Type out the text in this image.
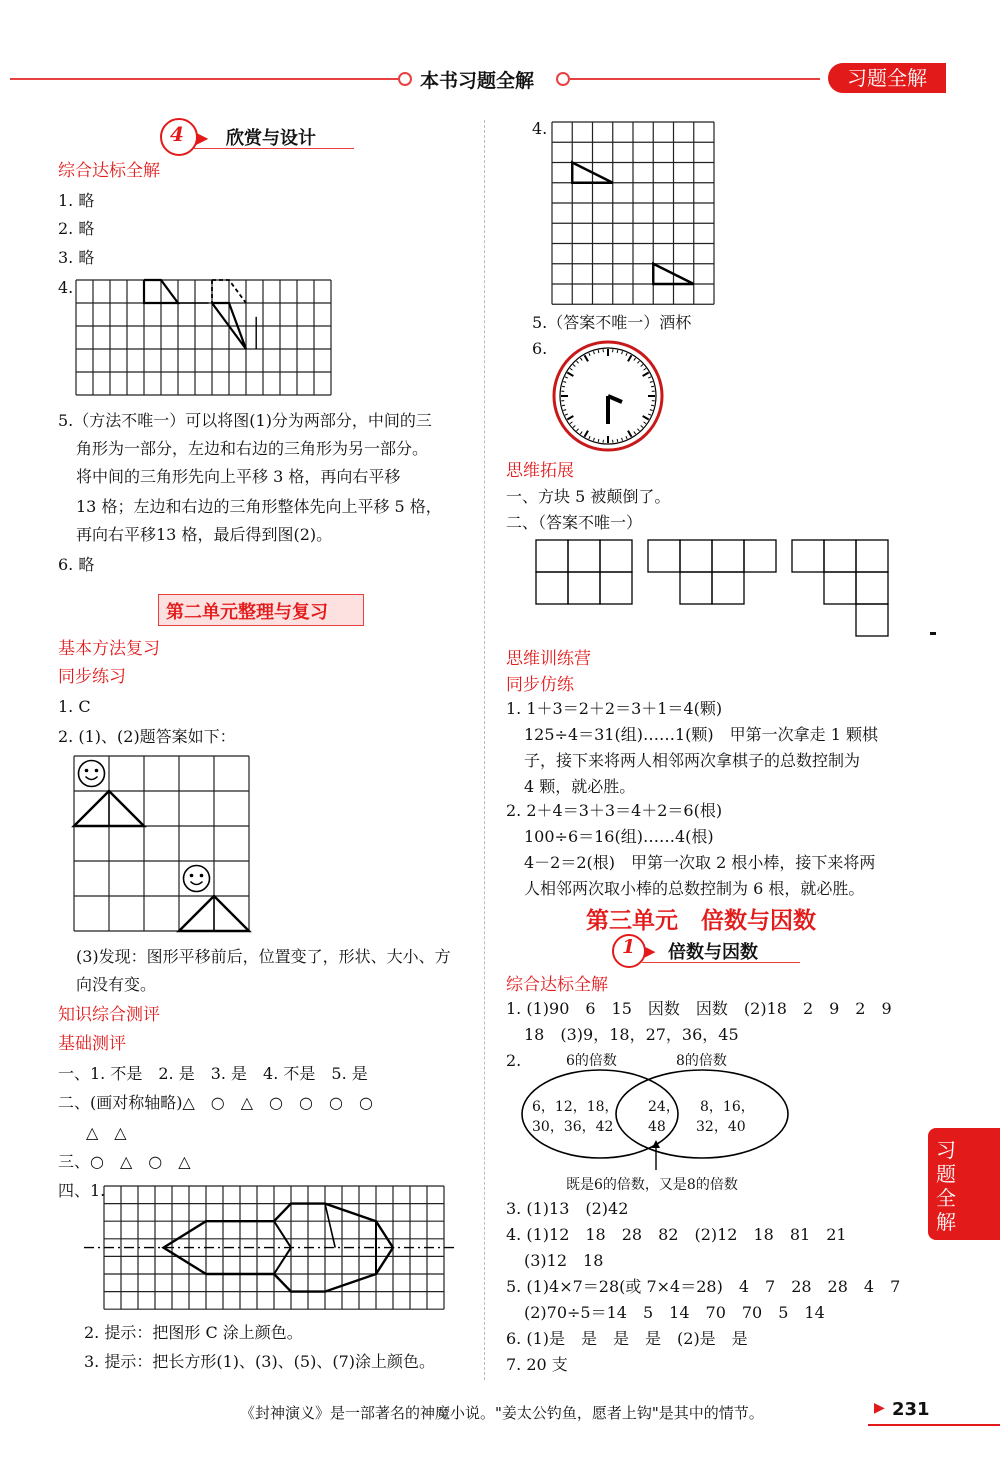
本书习题全解	习题全解
习题全解
4 ▶ 欣赏与设计
综合达标全解
1. 略
2. 略
3. 略
4.
5.（方法不唯一）可以将图(1)分为两部分，中间的三
角形为一部分，左边和右边的三角形为另一部分。
将中间的三角形先向上平移 3 格，再向右平移
13 格；左边和右边的三角形整体先向上平移 5 格，
再向右平移13 格，最后得到图(2)。
6. 略
第二单元整理与复习
基本方法复习
同步练习
1. C
2. (1)、(2)题答案如下：
(3)发现：图形平移前后，位置变了，形状、大小、方
向没有变。
知识综合测评
基础测评
一、1. 不是　2. 是　3. 是　4. 不是　5. 是
二、(画对称轴略)△　○　△　○　○　○　○
△　△
三、○　△　○　△
四、1.
2. 提示：把图形 C 涂上颜色。
3. 提示：把长方形(1)、(3)、(5)、(7)涂上颜色。
4.
5.（答案不唯一）酒杯
6.
思维拓展
一、方块 5 被颠倒了。
二、（答案不唯一）
思维训练营
同步仿练
1. 1＋3＝2＋2＝3＋1＝4(颗)
125÷4＝31(组)……1(颗)　甲第一次拿走 1 颗棋
子，接下来将两人相邻两次拿棋子的总数控制为
4 颗，就必胜。
2. 2＋4＝3＋3＝4＋2＝6(根)
100÷6＝16(组)……4(根)
4－2＝2(根)　甲第一次取 2 根小棒，接下来将两
人相邻两次取小棒的总数控制为 6 根，就必胜。
第三单元　倍数与因数
1 ▶ 倍数与因数
综合达标全解
1. (1)90　6　15　因数　因数　(2)18　2　9　2　9
18　(3)9，18，27，36，45
2.	6的倍数	8的倍数
6，12，18，
30，36，42
24，
48
8，16，
32，40
既是6的倍数，又是8的倍数
3. (1)13　(2)42
4. (1)12　18　28　82　(2)12　18　81　21
(3)12　18
5. (1)4×7＝28(或 7×4＝28)　4　7　28　28　4　7
(2)70÷5＝14　5　14　70　70　5　14
6. (1)是　是　是　是　(2)是　是
7. 20 支
《封神演义》是一部著名的神魔小说。"姜太公钓鱼，愿者上钩"是其中的情节。	▶ 231
